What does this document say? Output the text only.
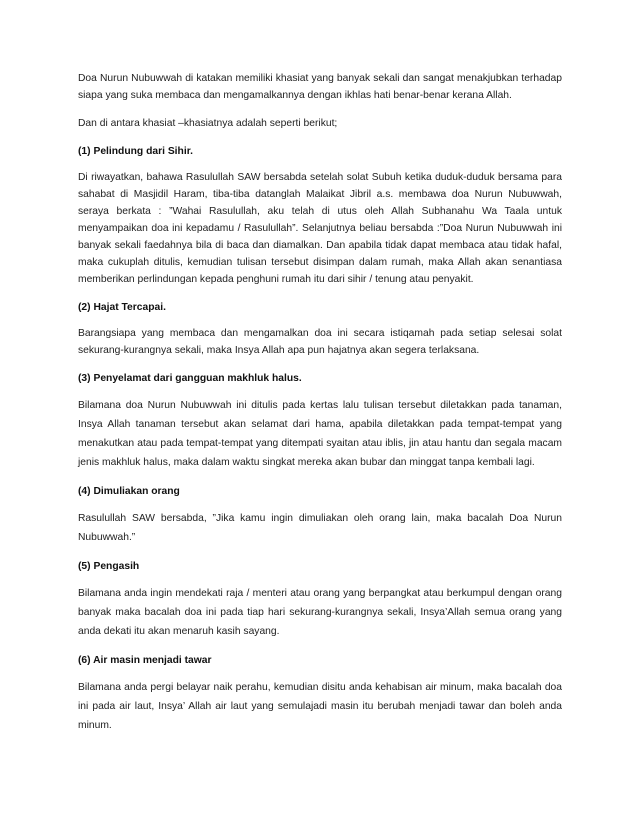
Doa Nurun Nubuwwah di katakan memiliki khasiat yang banyak sekali dan sangat menakjubkan terhadap siapa yang suka membaca dan mengamalkannya dengan ikhlas hati benar-benar kerana Allah.

Dan di antara khasiat –khasiatnya adalah seperti berikut;

(1) Pelindung dari Sihir.

Di riwayatkan, bahawa Rasulullah SAW bersabda setelah solat Subuh ketika duduk-duduk bersama para sahabat di Masjidil Haram, tiba-tiba datanglah Malaikat Jibril a.s. membawa doa Nurun Nubuwwah, seraya berkata : ”Wahai Rasulullah, aku telah di utus oleh Allah Subhanahu Wa Taala untuk menyampaikan doa ini kepadamu / Rasulullah”. Selanjutnya beliau bersabda :”Doa Nurun Nubuwwah ini banyak sekali faedahnya bila di baca dan diamalkan. Dan apabila tidak dapat membaca atau tidak hafal, maka cukuplah ditulis, kemudian tulisan tersebut disimpan dalam rumah, maka Allah akan senantiasa memberikan perlindungan kepada penghuni rumah itu dari sihir / tenung atau penyakit.

(2) Hajat Tercapai.

Barangsiapa yang membaca dan mengamalkan doa ini secara istiqamah pada setiap selesai solat sekurang-kurangnya sekali, maka Insya Allah apa pun hajatnya akan segera terlaksana.

(3) Penyelamat dari gangguan makhluk halus.

Bilamana doa Nurun Nubuwwah ini ditulis pada kertas lalu tulisan tersebut diletakkan pada tanaman, Insya Allah tanaman tersebut akan selamat dari hama, apabila diletakkan pada tempat-tempat yang menakutkan atau pada tempat-tempat yang ditempati syaitan atau iblis, jin atau hantu dan segala macam jenis makhluk halus, maka dalam waktu singkat mereka akan bubar dan minggat tanpa kembali lagi.

(4) Dimuliakan orang

Rasulullah SAW bersabda, ”Jika kamu ingin dimuliakan oleh orang lain, maka bacalah Doa Nurun Nubuwwah.”

(5) Pengasih

Bilamana anda ingin mendekati raja / menteri atau orang yang berpangkat atau berkumpul dengan orang banyak maka bacalah doa ini pada tiap hari sekurang-kurangnya sekali, Insya’Allah semua orang yang anda dekati itu akan menaruh kasih sayang.

(6) Air masin menjadi tawar

Bilamana anda pergi belayar naik perahu, kemudian disitu anda kehabisan air minum, maka bacalah doa ini pada air laut, Insya’ Allah air laut yang semulajadi masin itu berubah menjadi tawar dan boleh anda minum.
